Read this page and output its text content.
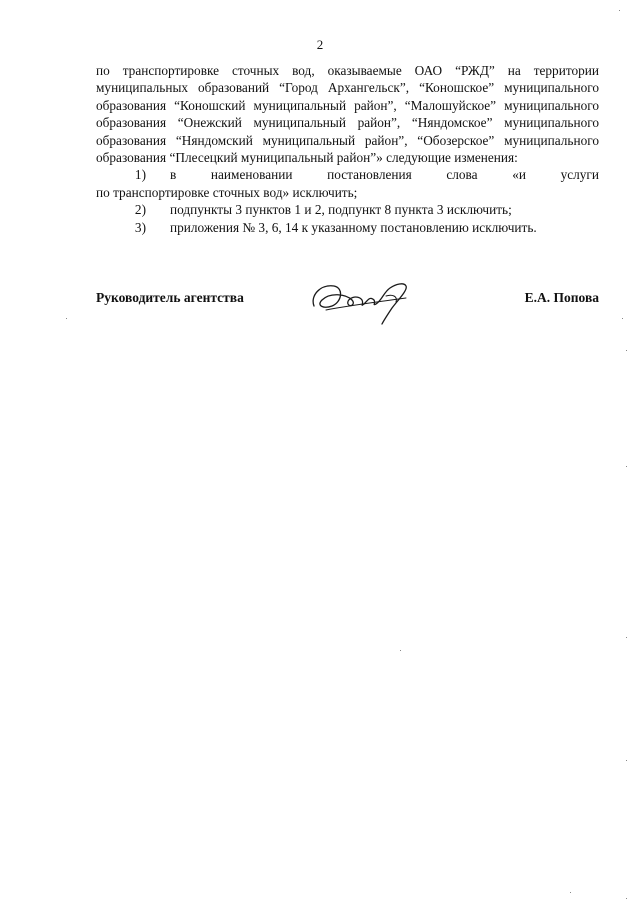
2

по транспортировке сточных вод, оказываемые ОАО “РЖД” на территории муниципальных образований “Город Архангельск”, “Коношское” муниципального образования “Коношский муниципальный район”, “Малошуйское” муниципального образования “Онежский муниципальный район”, “Няндомское” муниципального образования “Няндомский муниципальный район”, “Обозерское” муниципального образования “Плесецкий муниципальный район”» следующие изменения:

1)	в наименовании постановления слова «и услуги

по транспортировке сточных вод» исключить;

2)	подпункты 3 пунктов 1 и 2, подпункт 8 пункта 3 исключить;
3)	приложения № 3, 6, 14 к указанному постановлению исключить.
Руководитель агентства	Е.А. Попова
